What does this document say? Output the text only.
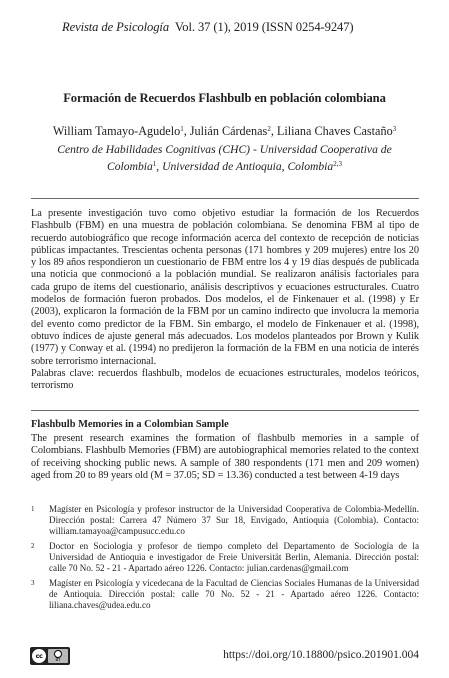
Revista de Psicología Vol. 37 (1), 2019 (ISSN 0254-9247)
Formación de Recuerdos Flashbulb en población colombiana
William Tamayo-Agudelo$^1$, Julián Cárdenas$^2$, Liliana Chaves Castaño$^3$
Centro de Habilidades Cognitivas (CHC) - Universidad Cooperativa de
Colombia$^1$, Universidad de Antioquia, Colombia$^{2,3}$

La presente investigación tuvo como objetivo estudiar la formación de los Recuerdos Flashbulb (FBM) en una muestra de población colombiana. Se denomina FBM al tipo de recuerdo autobiográfico que recoge información acerca del contexto de recepción de noticias públicas impactantes. Trescientas ochenta personas (171 hombres y 209 mujeres) entre los 20 y los 89 años respondieron un cuestionario de FBM entre los 4 y 19 días después de publicada una noticia que conmocionó a la población mundial. Se realizaron análisis factoriales para cada grupo de ítems del cuestionario, análisis descriptivos y ecuaciones estructurales. Cuatro modelos de formación fueron probados. Dos modelos, el de Finkenauer et al. (1998) y Er (2003), explicaron la formación de la FBM por un camino indirecto que involucra la memoria del evento como predictor de la FBM. Sin embargo, el modelo de Finkenauer et al. (1998), obtuvo índices de ajuste general más adecuados. Los modelos planteados por Brown y Kulik (1977) y Conway et al. (1994) no predijeron la formación de la FBM en una noticia de interés sobre terrorismo internacional.

Palabras clave: recuerdos flashbulb, modelos de ecuaciones estructurales, modelos teóricos, terrorismo

Flashbulb Memories in a Colombian Sample

The present research examines the formation of flashbulb memories in a sample of Colombians. Flashbulb Memories (FBM) are autobiographical memories related to the context of receiving shocking public news. A sample of 380 respondents (171 men and 209 women) aged from 20 to 89 years old (M = 37.05; SD = 13.36) conducted a test between 4-19 days

1	Magíster en Psicología y profesor instructor de la Universidad Cooperativa de Colombia-Medellín. Dirección postal: Carrera 47 Número 37 Sur 18, Envigado, Antioquia (Colombia). Contacto: william.tamayoa@campusucc.edu.co
2	Doctor en Sociología y profesor de tiempo completo del Departamento de Sociología de la Universidad de Antioquia e investigador de Freie Universität Berlin, Alemania. Dirección postal: calle 70 No. 52 - 21 - Apartado aéreo 1226. Contacto: julian.cardenas@gmail.com
3	Magíster en Psicología y vicedecana de la Facultad de Ciencias Sociales Humanas de la Universidad de Antioquia. Dirección postal: calle 70 No. 52 - 21 - Apartado aéreo 1226. Contacto: liliana.chaves@udea.edu.co
cc	BY	https://doi.org/10.18800/psico.201901.004
